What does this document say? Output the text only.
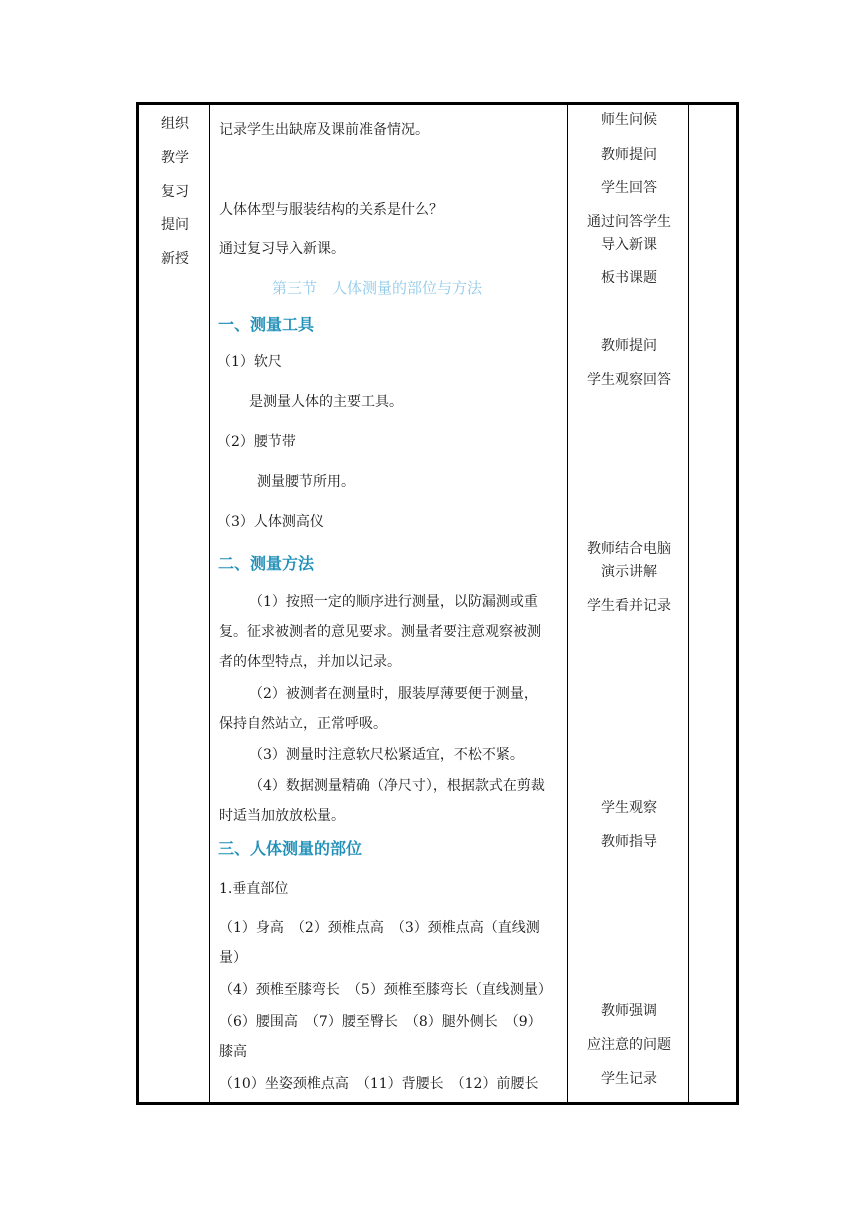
组织
教学
复习
提问
新授
记录学生出缺席及课前准备情况。
人体体型与服装结构的关系是什么？
通过复习导入新课。
第三节　人体测量的部位与方法
一、测量工具
（1）软尺
是测量人体的主要工具。
（2）腰节带
测量腰节所用。
（3）人体测高仪
二、测量方法
（1）按照一定的顺序进行测量，以防漏测或重
复。征求被测者的意见要求。测量者要注意观察被测
者的体型特点，并加以记录。
（2）被测者在测量时，服装厚薄要便于测量，
保持自然站立，正常呼吸。
（3）测量时注意软尺松紧适宜，不松不紧。
（4）数据测量精确（净尺寸），根据款式在剪裁
时适当加放放松量。
三、人体测量的部位
1.垂直部位
（1）身高　（2）颈椎点高　（3）颈椎点高（直线测
量）
（4）颈椎至膝弯长　（5）颈椎至膝弯长（直线测量）
（6）腰围高　（7）腰至臀长　（8）腿外侧长　（9）
膝高
（10）坐姿颈椎点高　（11）背腰长　（12）前腰长
师生问候
教师提问
学生回答
通过问答学生
导入新课
板书课题
教师提问
学生观察回答
教师结合电脑
演示讲解
学生看并记录
学生观察
教师指导
教师强调
应注意的问题
学生记录
